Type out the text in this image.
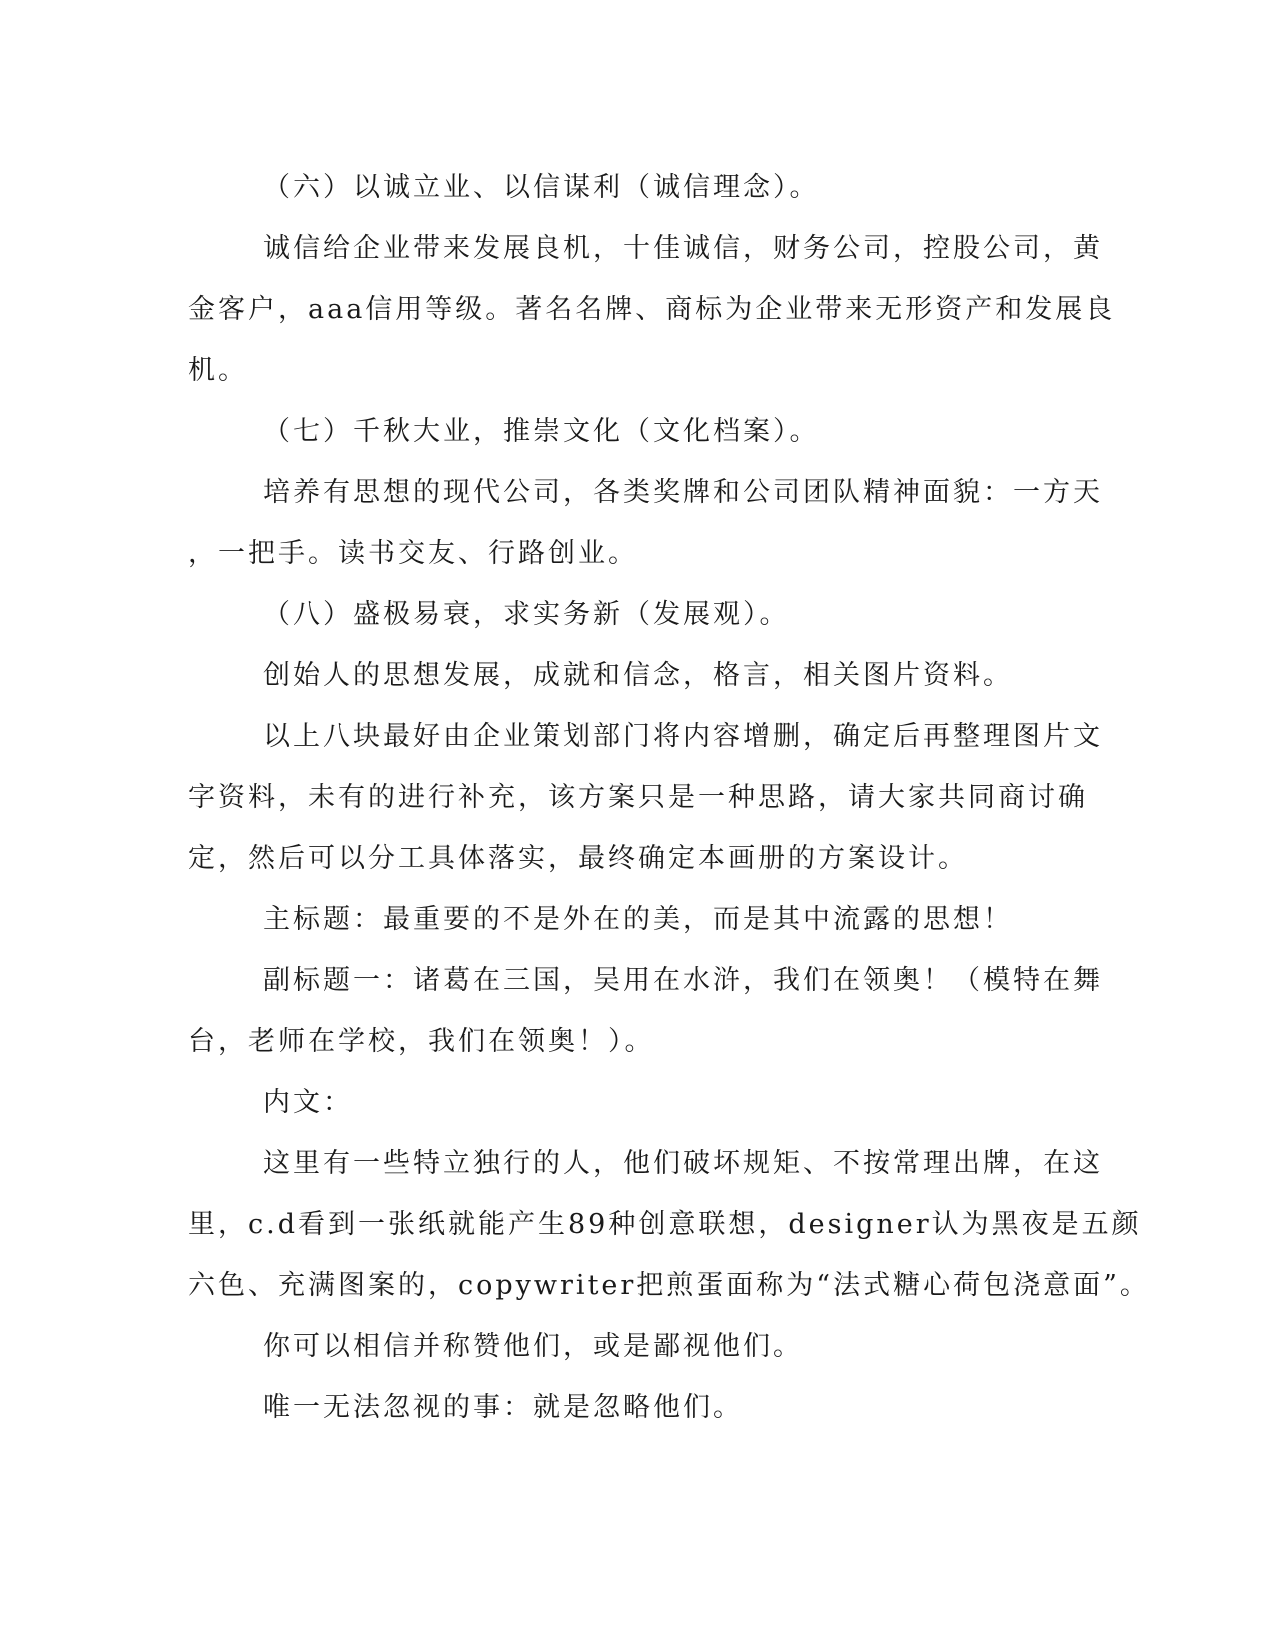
（六）以诚立业、以信谋利（诚信理念）。
诚信给企业带来发展良机，十佳诚信，财务公司，控股公司，黄
金客户，aaa信用等级。著名名牌、商标为企业带来无形资产和发展良
机。
（七）千秋大业，推崇文化（文化档案）。
培养有思想的现代公司，各类奖牌和公司团队精神面貌：一方天
，一把手。读书交友、行路创业。
（八）盛极易衰，求实务新（发展观）。
创始人的思想发展，成就和信念，格言，相关图片资料。
以上八块最好由企业策划部门将内容增删，确定后再整理图片文
字资料，未有的进行补充，该方案只是一种思路，请大家共同商讨确
定，然后可以分工具体落实，最终确定本画册的方案设计。
主标题：最重要的不是外在的美，而是其中流露的思想！
副标题一：诸葛在三国，吴用在水浒，我们在领奥！（模特在舞
台，老师在学校，我们在领奥！）。
内文：
这里有一些特立独行的人，他们破坏规矩、不按常理出牌，在这
里，c.d看到一张纸就能产生89种创意联想，designer认为黑夜是五颜
六色、充满图案的，copywriter把煎蛋面称为“法式糖心荷包浇意面”。
你可以相信并称赞他们，或是鄙视他们。
唯一无法忽视的事：就是忽略他们。
